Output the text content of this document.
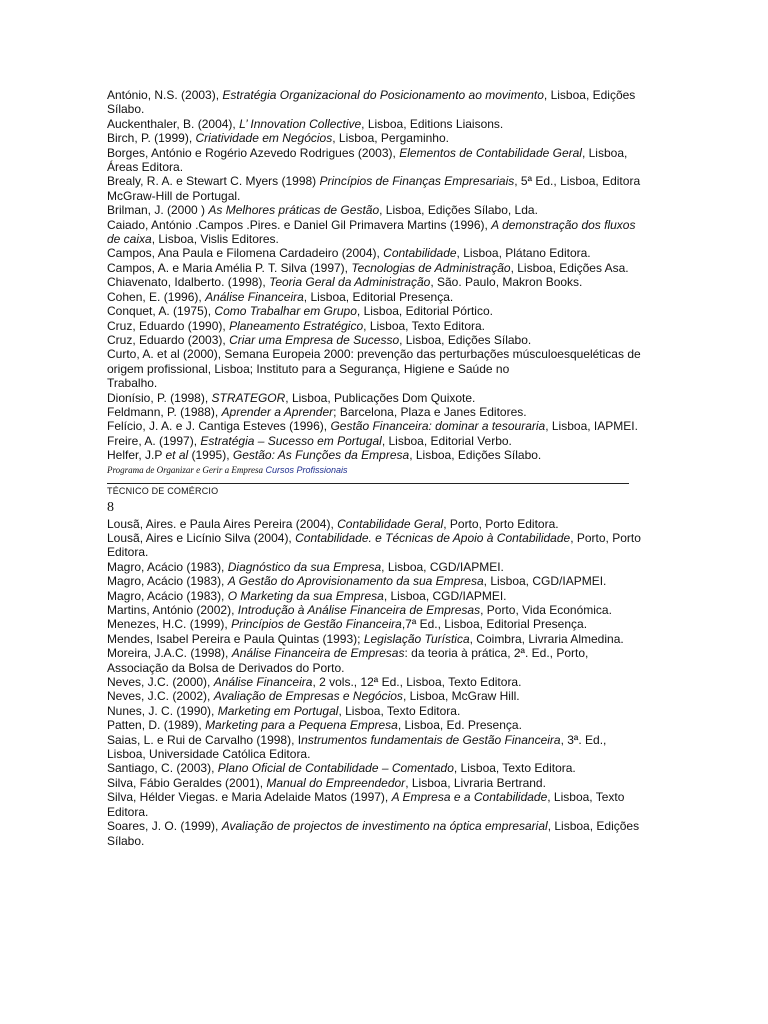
António, N.S. (2003), Estratégia Organizacional do Posicionamento ao movimento, Lisboa, Edições Sílabo.

Auckenthaler, B. (2004), L’ Innovation Collective, Lisboa, Editions Liaisons.

Birch, P. (1999), Criatividade em Negócios, Lisboa, Pergaminho.

Borges, António e Rogério Azevedo Rodrigues (2003), Elementos de Contabilidade Geral, Lisboa, Áreas Editora.

Brealy, R. A. e Stewart C. Myers (1998) Princípios de Finanças Empresariais, 5ª Ed., Lisboa, Editora McGraw-Hill de Portugal.

Brilman, J. (2000 ) As Melhores práticas de Gestão, Lisboa, Edições Sílabo, Lda.

Caiado, António .Campos .Pires. e Daniel Gil Primavera Martins (1996), A demonstração dos fluxos de caixa, Lisboa, Vislis Editores.

Campos, Ana Paula e Filomena Cardadeiro (2004), Contabilidade, Lisboa, Plátano Editora.

Campos, A. e Maria Amélia P. T. Silva (1997), Tecnologias de Administração, Lisboa, Edições Asa.

Chiavenato, Idalberto. (1998), Teoria Geral da Administração, São. Paulo, Makron Books.

Cohen, E. (1996), Análise Financeira, Lisboa, Editorial Presença.

Conquet, A. (1975), Como Trabalhar em Grupo, Lisboa, Editorial Pórtico.

Cruz, Eduardo (1990), Planeamento Estratégico, Lisboa, Texto Editora.

Cruz, Eduardo (2003), Criar uma Empresa de Sucesso, Lisboa, Edições Sílabo.

Curto, A. et al (2000), Semana Europeia 2000: prevenção das perturbações músculoesqueléticas de origem profissional, Lisboa; Instituto para a Segurança, Higiene e Saúde no

Trabalho.

Dionísio, P. (1998), STRATEGOR, Lisboa, Publicações Dom Quixote.

Feldmann, P. (1988), Aprender a Aprender; Barcelona, Plaza e Janes Editores.

Felício, J. A. e J. Cantiga Esteves (1996), Gestão Financeira: dominar a tesouraria, Lisboa, IAPMEI.

Freire, A. (1997), Estratégia – Sucesso em Portugal, Lisboa, Editorial Verbo.

Helfer, J.P et al (1995), Gestão: As Funções da Empresa, Lisboa, Edições Sílabo.

Programa de Organizar e Gerir a Empresa Cursos Profissionais

TÉCNICO DE COMÉRCIO

8

Lousã, Aires. e Paula Aires Pereira (2004), Contabilidade Geral, Porto, Porto Editora.

Lousã, Aires e Licínio Silva (2004), Contabilidade. e Técnicas de Apoio à Contabilidade, Porto, Porto Editora.

Magro, Acácio (1983), Diagnóstico da sua Empresa, Lisboa, CGD/IAPMEI.

Magro, Acácio (1983), A Gestão do Aprovisionamento da sua Empresa, Lisboa, CGD/IAPMEI.

Magro, Acácio (1983), O Marketing da sua Empresa, Lisboa, CGD/IAPMEI.

Martins, António (2002), Introdução à Análise Financeira de Empresas, Porto, Vida Económica.

Menezes, H.C. (1999), Princípios de Gestão Financeira,7ª Ed., Lisboa, Editorial Presença.

Mendes, Isabel Pereira e Paula Quintas (1993); Legislação Turística, Coimbra, Livraria Almedina.

Moreira, J.A.C. (1998), Análise Financeira de Empresas: da teoria à prática, 2ª. Ed., Porto, Associação da Bolsa de Derivados do Porto.

Neves, J.C. (2000), Análise Financeira, 2 vols., 12ª Ed., Lisboa, Texto Editora.

Neves, J.C. (2002), Avaliação de Empresas e Negócios, Lisboa, McGraw Hill.

Nunes, J. C. (1990), Marketing em Portugal, Lisboa, Texto Editora.

Patten, D. (1989), Marketing para a Pequena Empresa, Lisboa, Ed. Presença.

Saias, L. e Rui de Carvalho (1998), Instrumentos fundamentais de Gestão Financeira, 3ª. Ed., Lisboa, Universidade Católica Editora.

Santiago, C. (2003), Plano Oficial de Contabilidade – Comentado, Lisboa, Texto Editora.

Silva, Fábio Geraldes (2001), Manual do Empreendedor, Lisboa, Livraria Bertrand.

Silva, Hélder Viegas. e Maria Adelaide Matos (1997), A Empresa e a Contabilidade, Lisboa, Texto Editora.

Soares, J. O. (1999), Avaliação de projectos de investimento na óptica empresarial, Lisboa, Edições Sílabo.
